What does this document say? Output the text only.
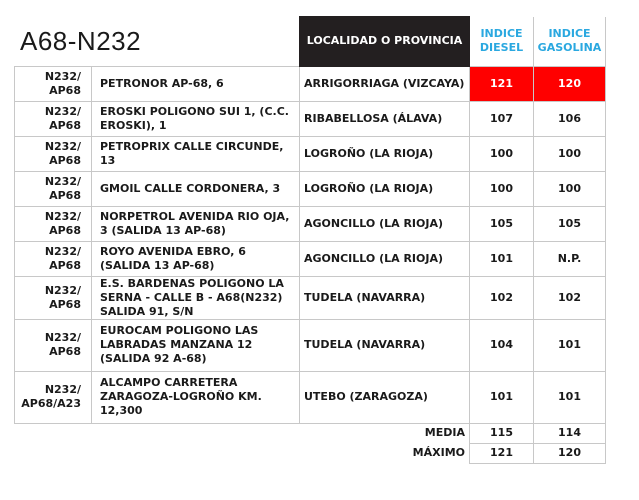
A68-N232
		LOCALIDAD O PROVINCIA	INDICE DIESEL	INDICE GASOLINA
N232/ AP68	PETRONOR AP-68, 6	ARRIGORRIAGA (VIZCAYA)	121	120
N232/ AP68	EROSKI POLIGONO SUI 1, (C.C. EROSKI), 1	RIBABELLOSA (ÁLAVA)	107	106
N232/ AP68	PETROPRIX CALLE CIRCUNDE, 13	LOGROÑO (LA RIOJA)	100	100
N232/ AP68	GMOIL CALLE CORDONERA, 3	LOGROÑO (LA RIOJA)	100	100
N232/ AP68	NORPETROL AVENIDA RIO OJA, 3 (SALIDA 13 AP-68)	AGONCILLO (LA RIOJA)	105	105
N232/ AP68	ROYO AVENIDA EBRO, 6 (SALIDA 13 AP-68)	AGONCILLO (LA RIOJA)	101	N.P.
N232/ AP68	E.S. BARDENAS POLIGONO LA SERNA - CALLE B - A68(N232) SALIDA 91, S/N	TUDELA (NAVARRA)	102	102
N232/ AP68	EUROCAM POLIGONO LAS LABRADAS MANZANA 12 (SALIDA 92 A-68)	TUDELA (NAVARRA)	104	101
N232/ AP68/A23	ALCAMPO CARRETERA ZARAGOZA-LOGROÑO KM. 12,300	UTEBO (ZARAGOZA)	101	101
		MEDIA	115	114
		MÁXIMO	121	120
